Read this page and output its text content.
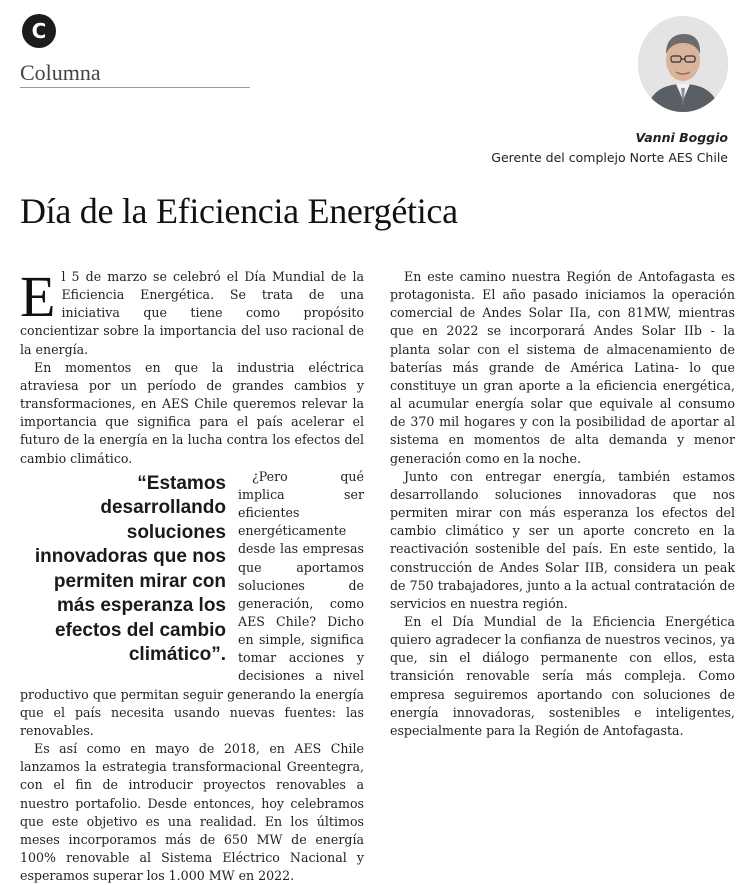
C
Columna
Vanni Boggio
Gerente del complejo Norte AES Chile
Día de la Eficiencia Energética

El 5 de marzo se celebró el Día Mundial de la Eficiencia Energética. Se trata de una iniciativa que tiene como propósito concientizar sobre la importancia del uso racional de la energía.

En momentos en que la industria eléctrica atraviesa por un período de grandes cambios y transformaciones, en AES Chile queremos relevar la importancia que significa para el país acelerar el futuro de la energía en la lucha contra los efectos del cambio climático.

“Estamos desarrollando soluciones innovadoras que nos permiten mirar con más esperanza los efectos del cambio climático”.
¿Pero qué implica ser eficientes energéticamente desde las empresas que aportamos soluciones de generación, como AES Chile? Dicho en simple, significa tomar acciones y decisiones a nivel productivo que permitan seguir generando la energía que el país necesita usando nuevas fuentes: las renovables.

Es así como en mayo de 2018, en AES Chile lanzamos la estrategia transformacional Greentegra, con el fin de introducir proyectos renovables a nuestro portafolio. Desde entonces, hoy celebramos que este objetivo es una realidad. En los últimos meses incorporamos más de 650 MW de energía 100% renovable al Sistema Eléctrico Nacional y esperamos superar los 1.000 MW en 2022.

En este camino nuestra Región de Antofagasta es protagonista. El año pasado iniciamos la operación comercial de Andes Solar IIa, con 81MW, mientras que en 2022 se incorporará Andes Solar IIb - la planta solar con el sistema de almacenamiento de baterías más grande de América Latina- lo que constituye un gran aporte a la eficiencia energética, al acumular energía solar que equivale al consumo de 370 mil hogares y con la posibilidad de aportar al sistema en momentos de alta demanda y menor generación como en la noche.

Junto con entregar energía, también estamos desarrollando soluciones innovadoras que nos permiten mirar con más esperanza los efectos del cambio climático y ser un aporte concreto en la reactivación sostenible del país. En este sentido, la construcción de Andes Solar IIB, considera un peak de 750 trabajadores, junto a la actual contratación de servicios en nuestra región.

En el Día Mundial de la Eficiencia Energética quiero agradecer la confianza de nuestros vecinos, ya que, sin el diálogo permanente con ellos, esta transición renovable sería más compleja. Como empresa seguiremos aportando con soluciones de energía innovadoras, sostenibles e inteligentes, especialmente para la Región de Antofagasta.
